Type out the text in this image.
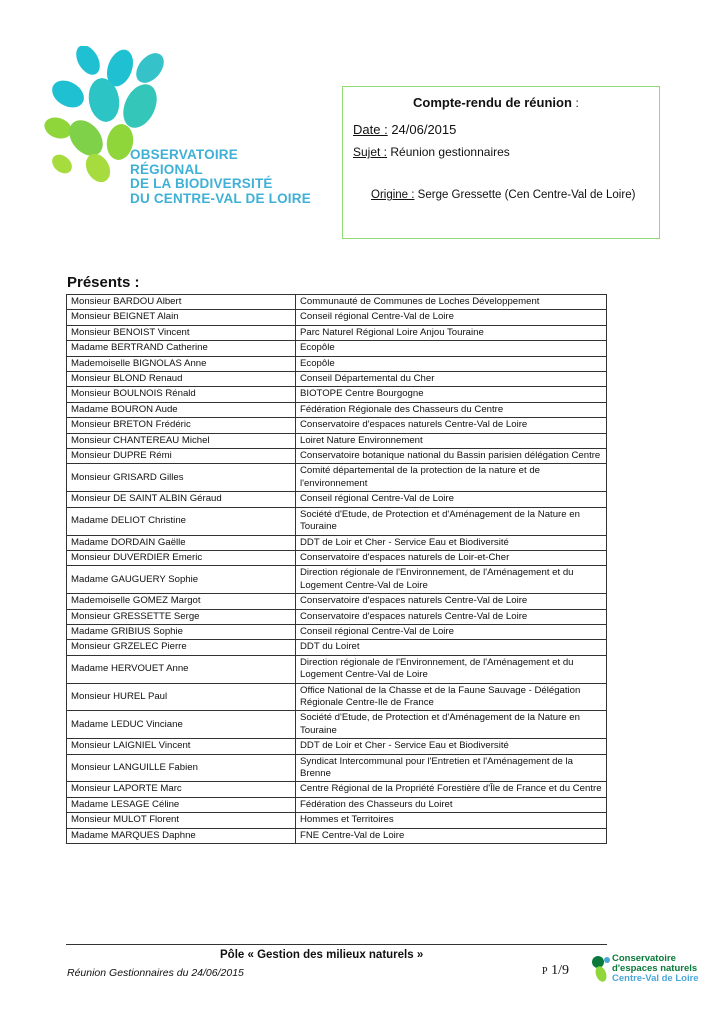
OBSERVATOIRE
RÉGIONAL
DE LA BIODIVERSITÉ
DU CENTRE-VAL DE LOIRE
Compte-rendu de réunion :
Date : 24/06/2015
Sujet : Réunion gestionnaires
Origine : Serge Gressette (Cen Centre-Val de Loire)
Présents :
Monsieur BARDOU Albert	Communauté de Communes de Loches Développement
Monsieur BEIGNET Alain	Conseil régional Centre-Val de Loire
Monsieur BENOIST Vincent	Parc Naturel Régional Loire Anjou Touraine
Madame BERTRAND Catherine	Ecopôle
Mademoiselle BIGNOLAS Anne	Ecopôle
Monsieur BLOND Renaud	Conseil Départemental du Cher
Monsieur BOULNOIS Rénald	BIOTOPE Centre Bourgogne
Madame BOURON Aude	Fédération Régionale des Chasseurs du Centre
Monsieur BRETON Frédéric	Conservatoire d'espaces naturels Centre-Val de Loire
Monsieur CHANTEREAU Michel	Loiret Nature Environnement
Monsieur DUPRE Rémi	Conservatoire botanique national du Bassin parisien délégation Centre
Monsieur GRISARD Gilles	Comité départemental de la protection de la nature et de l'environnement
Monsieur DE SAINT ALBIN Géraud	Conseil régional Centre-Val de Loire
Madame DELIOT Christine	Société d'Etude, de Protection et d'Aménagement de la Nature en Touraine
Madame DORDAIN Gaëlle	DDT de Loir et Cher - Service Eau et Biodiversité
Monsieur DUVERDIER Emeric	Conservatoire d'espaces naturels de Loir-et-Cher
Madame GAUGUERY Sophie	Direction régionale de l'Environnement, de l'Aménagement et du Logement Centre-Val de Loire
Mademoiselle GOMEZ Margot	Conservatoire d'espaces naturels Centre-Val de Loire
Monsieur GRESSETTE Serge	Conservatoire d'espaces naturels Centre-Val de Loire
Madame GRIBIUS Sophie	Conseil régional Centre-Val de Loire
Monsieur GRZELEC Pierre	DDT du Loiret
Madame HERVOUET Anne	Direction régionale de l'Environnement, de l'Aménagement et du Logement Centre-Val de Loire
Monsieur HUREL Paul	Office National de la Chasse et de la Faune Sauvage - Délégation Régionale Centre-Ile de France
Madame LEDUC Vinciane	Société d'Etude, de Protection et d'Aménagement de la Nature en Touraine
Monsieur LAIGNIEL Vincent	DDT de Loir et Cher - Service Eau et Biodiversité
Monsieur LANGUILLE Fabien	Syndicat Intercommunal pour l'Entretien et l'Aménagement de la Brenne
Monsieur LAPORTE Marc	Centre Régional de la Propriété Forestière d'Île de France et du Centre
Madame LESAGE Céline	Fédération des Chasseurs du Loiret
Monsieur MULOT Florent	Hommes et Territoires
Madame MARQUES Daphne	FNE Centre-Val de Loire
Pôle « Gestion des milieux naturels »
Réunion Gestionnaires du 24/06/2015	P 1/9
Conservatoire
d'espaces naturels
Centre-Val de Loire
